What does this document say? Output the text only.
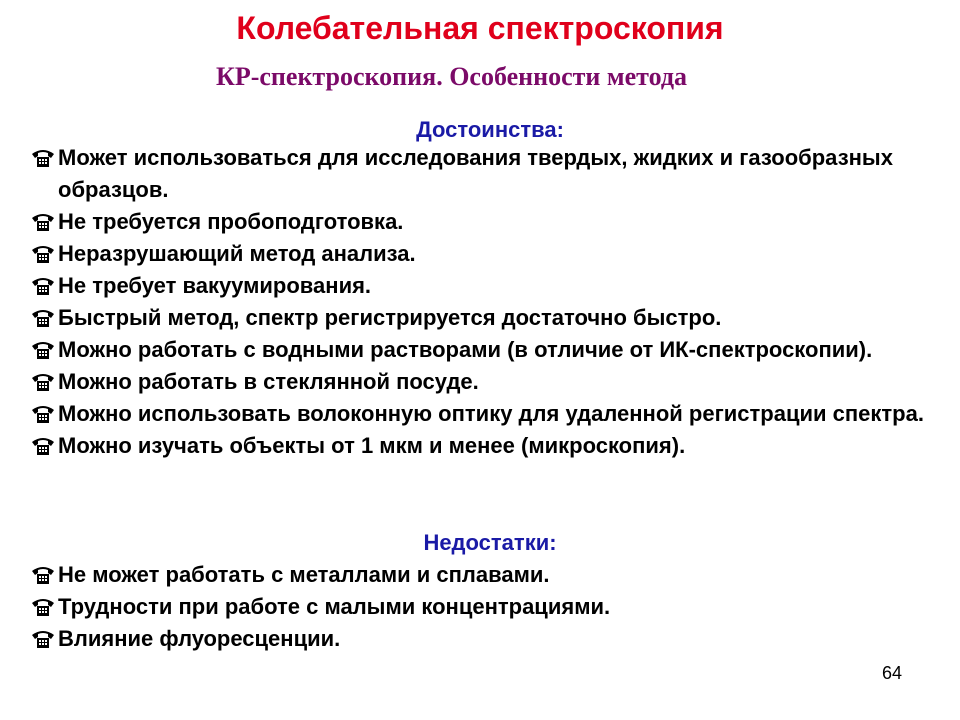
Колебательная спектроскопия
КР-спектроскопия. Особенности метода
Достоинства:
Может использоваться для исследования твердых, жидких и газообразных образцов.
Не требуется пробоподготовка.
Неразрушающий метод анализа.
Не требует вакуумирования.
Быстрый метод, спектр регистрируется достаточно быстро.
Можно работать с водными растворами (в отличие от ИК-спектроскопии).
Можно работать в стеклянной посуде.
Можно использовать волоконную оптику для удаленной регистрации спектра.
Можно изучать объекты от 1 мкм и менее (микроскопия).
Недостатки:
Не может работать с металлами и сплавами.
Трудности при работе с малыми концентрациями.
Влияние флуоресценции.
64
